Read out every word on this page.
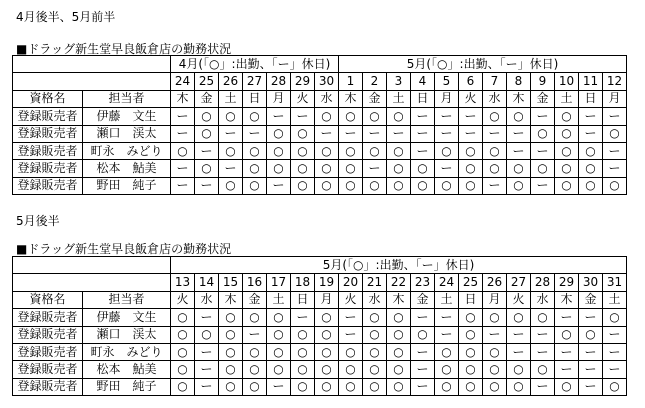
4月後半、5月前半
■ドラッグ新生堂早良飯倉店の勤務状況
		4月(「○」:出勤、「ー」休日)							5月(「○」:出勤、「ー」休日)											
		24	25	26	27	28	29	30	1	2	3	4	5	6	7	8	9	10	11	12
資格名	担当者	木	金	土	日	月	火	水	木	金	土	日	月	火	水	木	金	土	日	月
登録販売者	伊藤　文生	ー	○	○	○	ー	ー	○	○	○	○	ー	ー	ー	○	○	ー	○	ー	ー
登録販売者	瀬口　渓太	ー	○	ー	ー	○	○	ー	ー	ー	ー	ー	ー	ー	ー	ー	○	○	ー	○
登録販売者	町永　みどり	○	ー	○	○	○	○	○	○	○	○	ー	○	○	○	ー	ー	○	○	ー
登録販売者	松本　鮎美	ー	○	ー	○	○	○	○	○	ー	○	○	ー	○	○	○	○	○	○	ー
登録販売者	野田　純子	ー	ー	○	○	ー	○	○	○	○	○	○	○	○	ー	○	ー	○	○	○
5月後半
■ドラッグ新生堂早良飯倉店の勤務状況
		5月(「○」:出勤、「ー」休日)																		
		13	14	15	16	17	18	19	20	21	22	23	24	25	26	27	28	29	30	31
資格名	担当者	火	水	木	金	土	日	月	火	水	木	金	土	日	月	火	水	木	金	土
登録販売者	伊藤　文生	○	ー	○	○	○	ー	○	ー	○	○	ー	ー	○	○	○	○	ー	ー	○
登録販売者	瀬口　渓太	○	○	○	ー	○	○	○	ー	○	○	○	ー	○	ー	ー	ー	○	○	ー
登録販売者	町永　みどり	○	ー	○	○	○	○	○	○	○	○	ー	○	○	○	ー	ー	ー	ー	ー
登録販売者	松本　鮎美	○	ー	○	○	○	○	○	○	○	○	ー	○	○	○	○	○	ー	ー	ー
登録販売者	野田　純子	○	ー	○	○	ー	○	○	○	○	○	ー	○	○	○	○	ー	○	ー	○
